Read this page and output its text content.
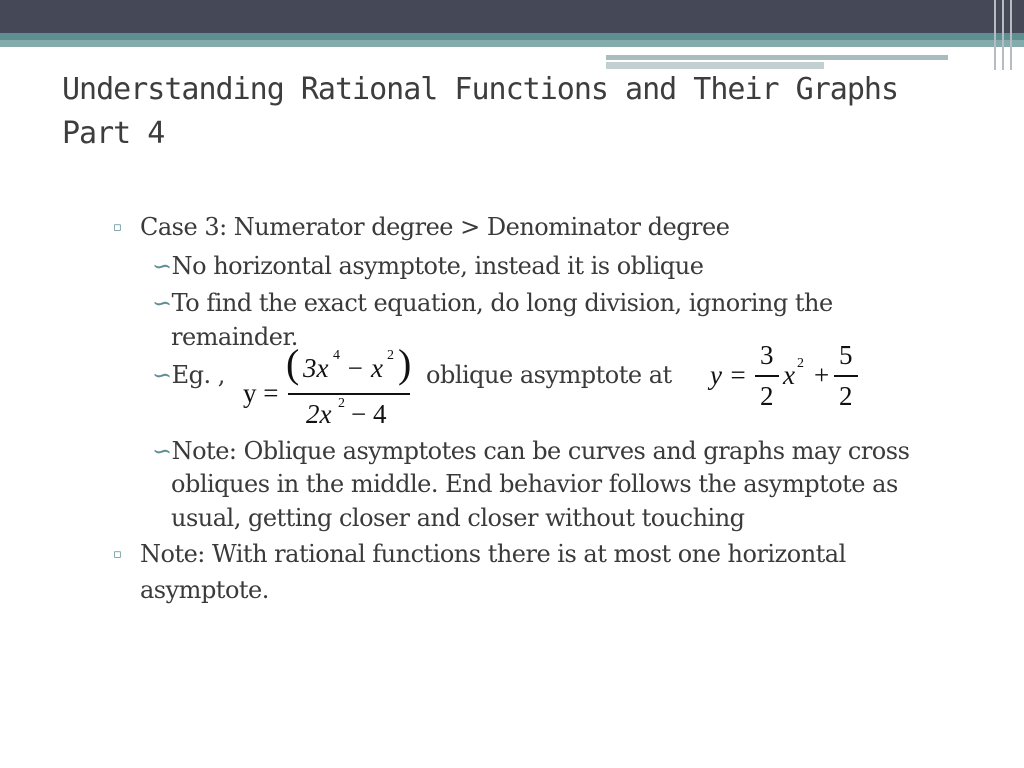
Understanding Rational Functions and Their Graphs
Part 4
▫ Case 3: Numerator degree > Denominator degree
∽No horizontal asymptote, instead it is oblique
∽To find the exact equation, do long division, ignoring the
remainder.
∽Eg. ,
y =
( 3x 4 − x 2 )
2x 2 − 4
oblique asymptote at y =
3
2
x 2 +
5
2
∽Note: Oblique asymptotes can be curves and graphs may cross
obliques in the middle. End behavior follows the asymptote as
usual, getting closer and closer without touching
▫ Note: With rational functions there is at most one horizontal
asymptote.
